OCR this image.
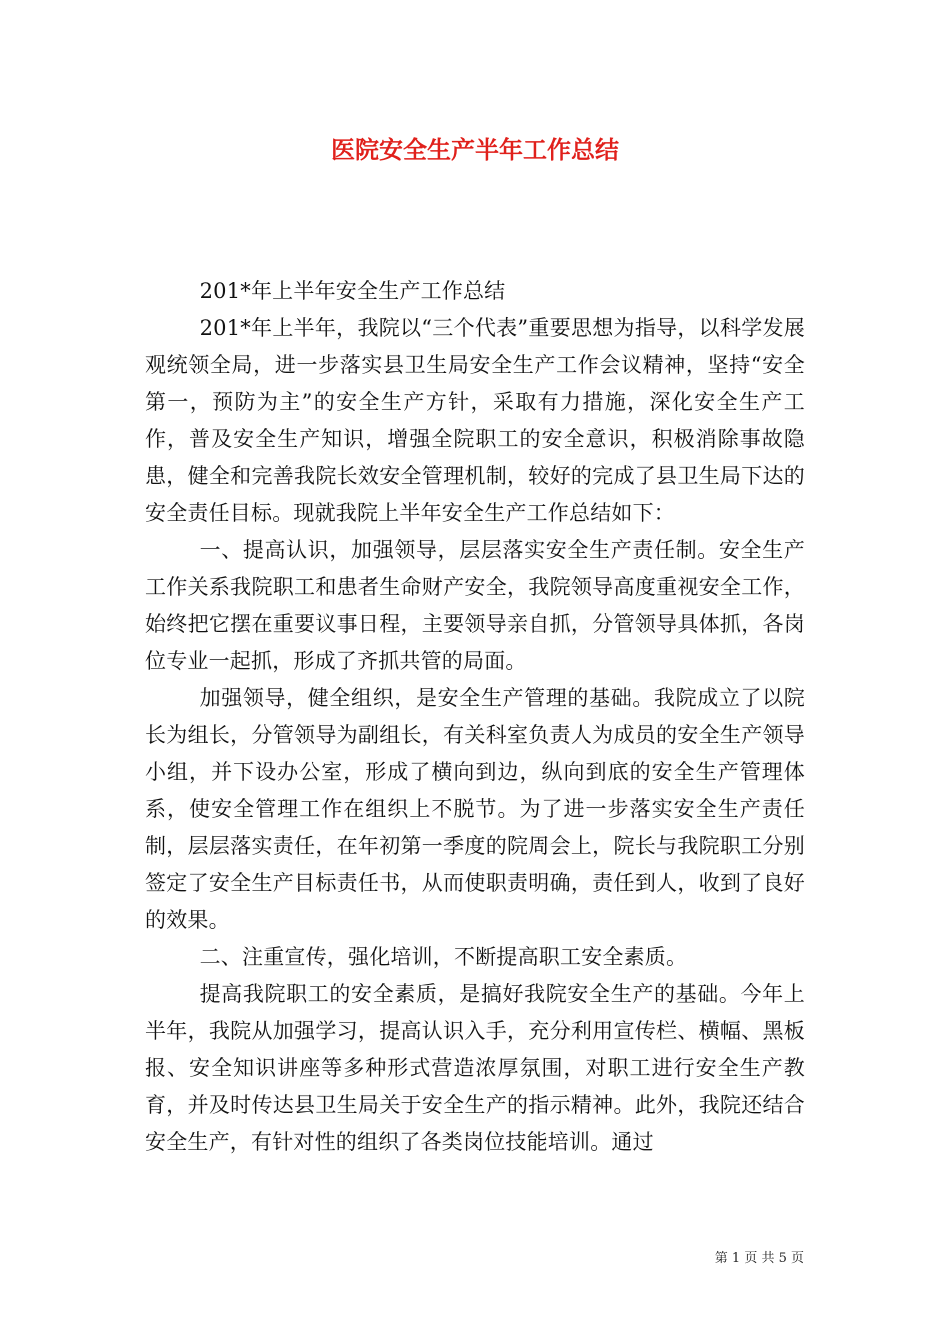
医院安全生产半年工作总结

201*年上半年安全生产工作总结

201*年上半年，我院以“三个代表”重要思想为指导，以科学发展观统领全局，进一步落实县卫生局安全生产工作会议精神，坚持“安全第一，预防为主”的安全生产方针，采取有力措施，深化安全生产工作，普及安全生产知识，增强全院职工的安全意识，积极消除事故隐患，健全和完善我院长效安全管理机制，较好的完成了县卫生局下达的安全责任目标。现就我院上半年安全生产工作总结如下：

一、提高认识，加强领导，层层落实安全生产责任制。安全生产工作关系我院职工和患者生命财产安全，我院领导高度重视安全工作，始终把它摆在重要议事日程，主要领导亲自抓，分管领导具体抓，各岗位专业一起抓，形成了齐抓共管的局面。

加强领导，健全组织，是安全生产管理的基础。我院成立了以院长为组长，分管领导为副组长，有关科室负责人为成员的安全生产领导小组，并下设办公室，形成了横向到边，纵向到底的安全生产管理体系，使安全管理工作在组织上不脱节。为了进一步落实安全生产责任制，层层落实责任，在年初第一季度的院周会上，院长与我院职工分别签定了安全生产目标责任书，从而使职责明确，责任到人，收到了良好的效果。

二、注重宣传，强化培训，不断提高职工安全素质。

提高我院职工的安全素质，是搞好我院安全生产的基础。今年上半年，我院从加强学习，提高认识入手，充分利用宣传栏、横幅、黑板报、安全知识讲座等多种形式营造浓厚氛围，对职工进行安全生产教育，并及时传达县卫生局关于安全生产的指示精神。此外，我院还结合安全生产，有针对性的组织了各类岗位技能培训。通过

第 1 页 共 5 页
